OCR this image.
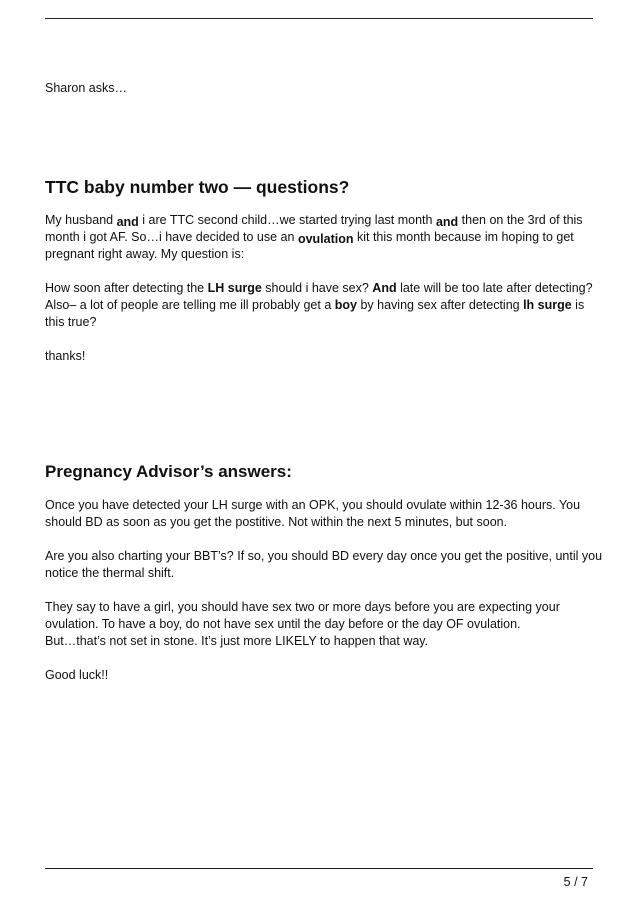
Sharon asks…
TTC baby number two — questions?

My husband and i are TTC second child…we started trying last month and then on the 3rd of this month i got AF. So…i have decided to use an ovulation kit this month because im hoping to get pregnant right away. My question is:

How soon after detecting the LH surge should i have sex? And late will be too late after detecting?

Also– a lot of people are telling me ill probably get a boy by having sex after detecting lh surge is this true?

thanks!

Pregnancy Advisor’s answers:

Once you have detected your LH surge with an OPK, you should ovulate within 12-36 hours. You should BD as soon as you get the postitive. Not within the next 5 minutes, but soon.

Are you also charting your BBT’s? If so, you should BD every day once you get the positive, until you notice the thermal shift.

They say to have a girl, you should have sex two or more days before you are expecting your ovulation. To have a boy, do not have sex until the day before or the day OF ovulation.

But…that’s not set in stone. It’s just more LIKELY to happen that way.

Good luck!!

5 / 7
